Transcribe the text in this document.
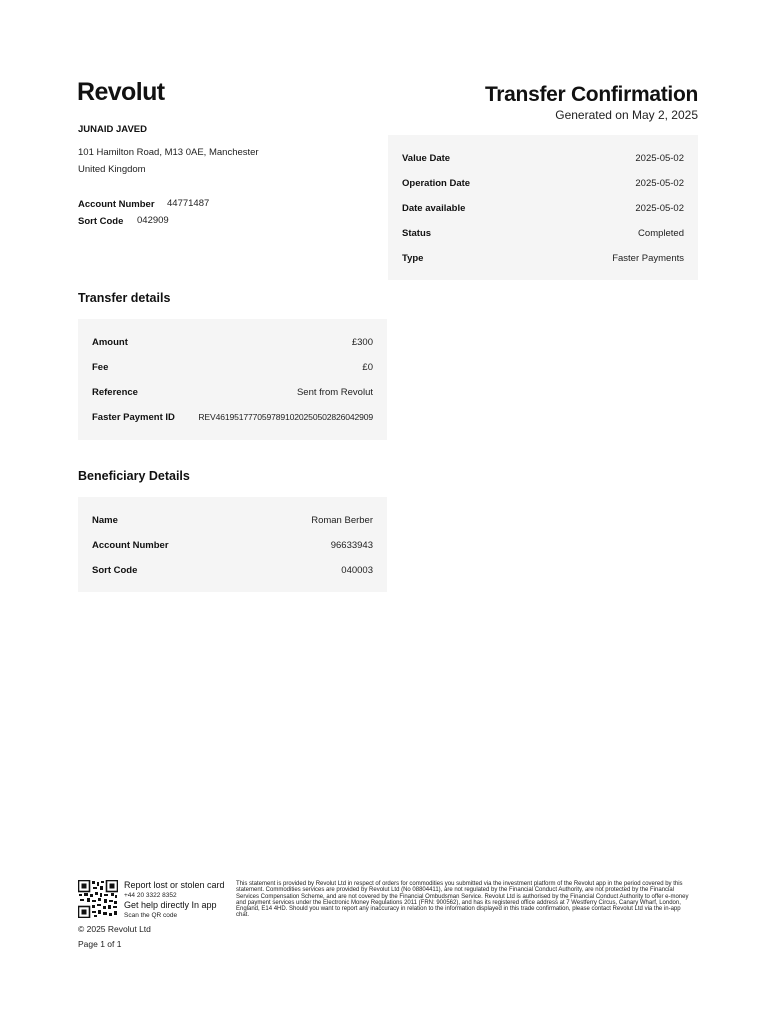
Revolut	Transfer Confirmation
Generated on May 2, 2025
JUNAID JAVED
101 Hamilton Road, M13 0AE, Manchester
United Kingdom
Account Number 44771487
Sort Code 042909
Value Date	2025-05-02
Operation Date	2025-05-02
Date available	2025-05-02
Status	Completed
Type	Faster Payments
Transfer details
Amount	£300
Fee	£0
Reference	Sent from Revolut
Faster Payment ID	REV461951777059789102025050282604290​9
Beneficiary Details
Name	Roman Berber
Account Number	96633943
Sort Code	040003
Report lost or stolen card
+44 20 3322 8352
Get help directly In app
Scan the QR code
This statement is provided by Revolut Ltd in respect of orders for commodities you submitted via the investment platform of the Revolut app in the period covered by this statement. Commodities services are provided by Revolut Ltd (No 08804411), are not regulated by the Financial Conduct Authority, are not protected by the Financial Services Compensation Scheme, and are not covered by the Financial Ombudsman Service. Revolut Ltd is authorised by the Financial Conduct Authority to offer e-money and payment services under the Electronic Money Regulations 2011 (FRN: 900562), and has its registered office address at 7 Westferry Circus, Canary Wharf, London, England, E14 4HD. Should you want to report any inaccuracy in relation to the information displayed in this trade confirmation, please contact Revolut Ltd via the in-app chat.
© 2025 Revolut Ltd
Page 1 of 1
